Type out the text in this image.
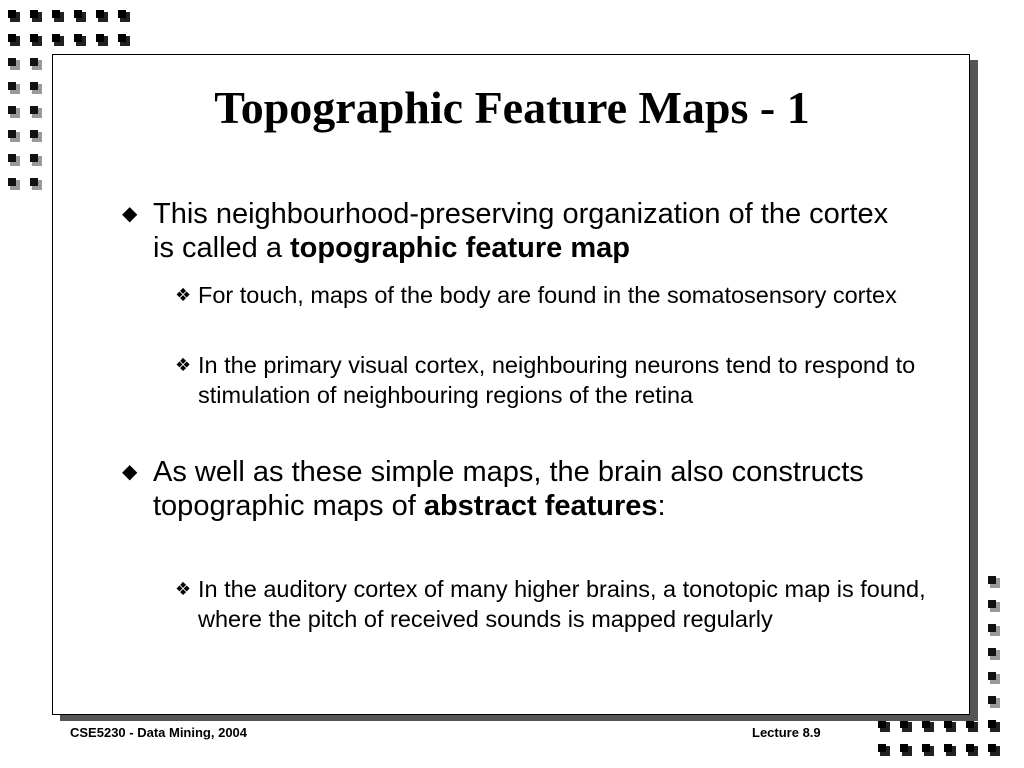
Topographic Feature Maps - 1
◆ This neighbourhood-preserving organization of the cortex is called a topographic feature map
❖ For touch, maps of the body are found in the somatosensory cortex
❖ In the primary visual cortex, neighbouring neurons tend to respond to stimulation of neighbouring regions of the retina
◆ As well as these simple maps, the brain also constructs topographic maps of abstract features:
❖ In the auditory cortex of many higher brains, a tonotopic map is found, where the pitch of received sounds is mapped regularly
CSE5230 - Data Mining, 2004	Lecture 8.9
